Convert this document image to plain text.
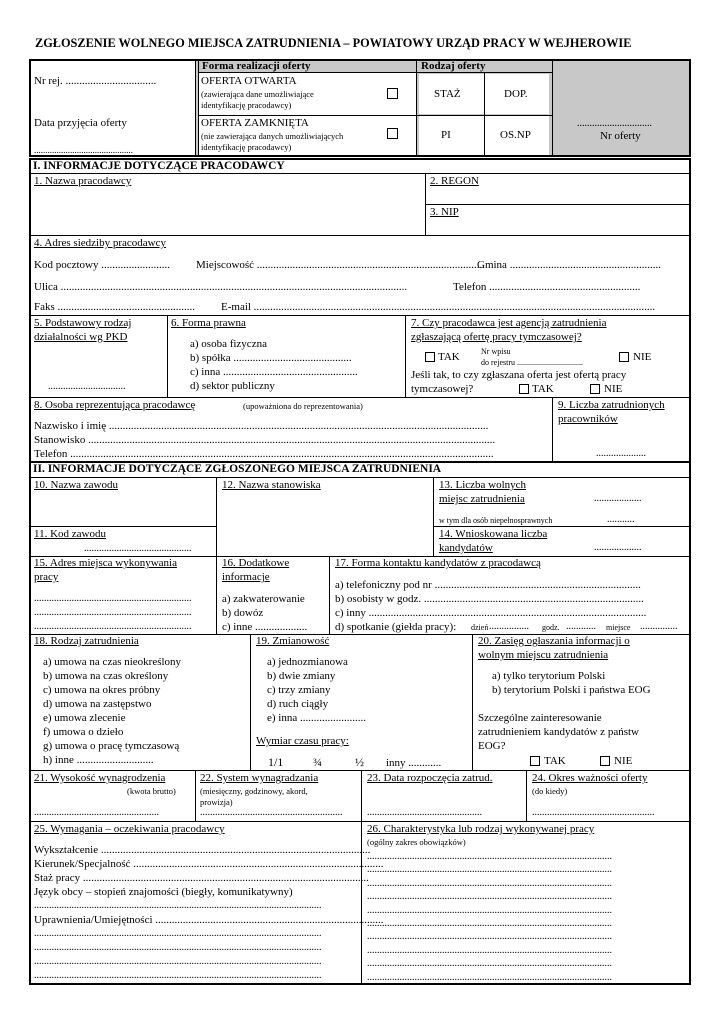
ZGŁOSZENIE WOLNEGO MIEJSCA ZATRUDNIENIA – POWIATOWY URZĄD PRACY W WEJHEROWIE
Nr rej. .................................
Data przyjęcia oferty
............................................
Forma realizacji oferty
OFERTA OTWARTA
(zawierająca dane umożliwiające
identyfikację pracodawcy)
OFERTA ZAMKNIĘTA
(nie zawierająca danych umożliwiających
identyfikację pracodawcy)
Rodzaj oferty
STAŻ	DOP.
PI	OS.NP
..............................
Nr oferty
I. INFORMACJE DOTYCZĄCE PRACODAWCY
1. Nazwa pracodawcy	2. REGON
3. NIP
4. Adres siedziby pracodawcy
Kod pocztowy ......................... Miejscowość ...................................................................................
Gmina .......................................................
Ulica ..............................................................................................................................	Telefon .......................................................
Faks .................................................. E-mail ..................................................................................................................................................
5. Podstawowy rodzaj
działalności wg PKD
...............................
6. Forma prawna
a) osoba fizyczna
b) spółka ...........................................
c) inna .................................................
d) sektor publiczny
7. Czy pracodawca jest agencją zatrudnienia
zgłaszającą ofertę pracy tymczasowej?
TAK	Nr wpisu
do rejestru .................................	NIE
Jeśli tak, to czy zgłaszana oferta jest ofertą pracy
tymczasowej?	TAK	NIE
8. Osoba reprezentująca pracodawcę	(upoważniona do reprezentowania)
Nazwisko i imię ..........................................................................................................................................
Stanowisko ....................................................................................................................................................
Telefon ..........................................................................................................................................................
9. Liczba zatrudnionych
pracowników
....................
II. INFORMACJE DOTYCZĄCE ZGŁOSZONEGO MIEJSCA ZATRUDNIENIA
10. Nazwa zawodu
11. Kod zawodu
...........................................
12. Nazwa stanowiska	13. Liczba wolnych
miejsc zatrudnienia	...................
w tym dla osób niepełnosprawnych	...........
14. Wnioskowana liczba
kandydatów	...................
15. Adres miejsca wykonywania
pracy
...............................................................
...............................................................
...............................................................
16. Dodatkowe
informacje
a) zakwaterowanie
b) dowóz
c) inne ...................
17. Forma kontaktu kandydatów z pracodawcą
a) telefoniczny pod nr ...........................................................................
b) osobisty w godz. ................................................................................
c) inny .....................................................................................................
d) spotkanie (giełda pracy): dzień ................ godz. ............ miejsce ...............
18. Rodzaj zatrudnienia
a) umowa na czas nieokreślony
b) umowa na czas określony
c) umowa na okres próbny
d) umowa na zastępstwo
e) umowa zlecenie
f) umowa o dzieło
g) umowa o pracę tymczasową
h) inne ............................
19. Zmianowość
a) jednozmianowa
b) dwie zmiany
c) trzy zmiany
d) ruch ciągły
e) inna ........................
Wymiar czasu pracy:
1/1 ¾	½ inny ............
20. Zasięg ogłaszania informacji o
wolnym miejscu zatrudnienia
a) tylko terytorium Polski
b) terytorium Polski i państwa EOG
Szczególne zainteresowanie
zatrudnieniem kandydatów z państw
EOG?
TAK	NIE
21. Wysokość wynagrodzenia
(kwota brutto)
..................................................
22. System wynagradzania
(miesięczny, godzinowy, akord,
prowizja)
.........................................................
23. Data rozpoczęcia zatrud.
..............................................
24. Okres ważności oferty
(do kiedy)
.................................................
25. Wymagania – oczekiwania pracodawcy
Wykształcenie ..................................................................................................
Kierunek/Specjalność ...........................................................................................
Staż pracy ........................................................................................................
Język obcy – stopień znajomości (biegły, komunikatywny)
...................................................................................................................
Uprawnienia/Umiejętności ...................................................................................
...................................................................................................................
...................................................................................................................
...................................................................................................................
...................................................................................................................
26. Charakterystyka lub rodzaj wykonywanej pracy
(ogólny zakres obowiązków)
..................................................................................................
..................................................................................................
..................................................................................................
..................................................................................................
..................................................................................................
..................................................................................................
..................................................................................................
..................................................................................................
..................................................................................................
..................................................................................................
